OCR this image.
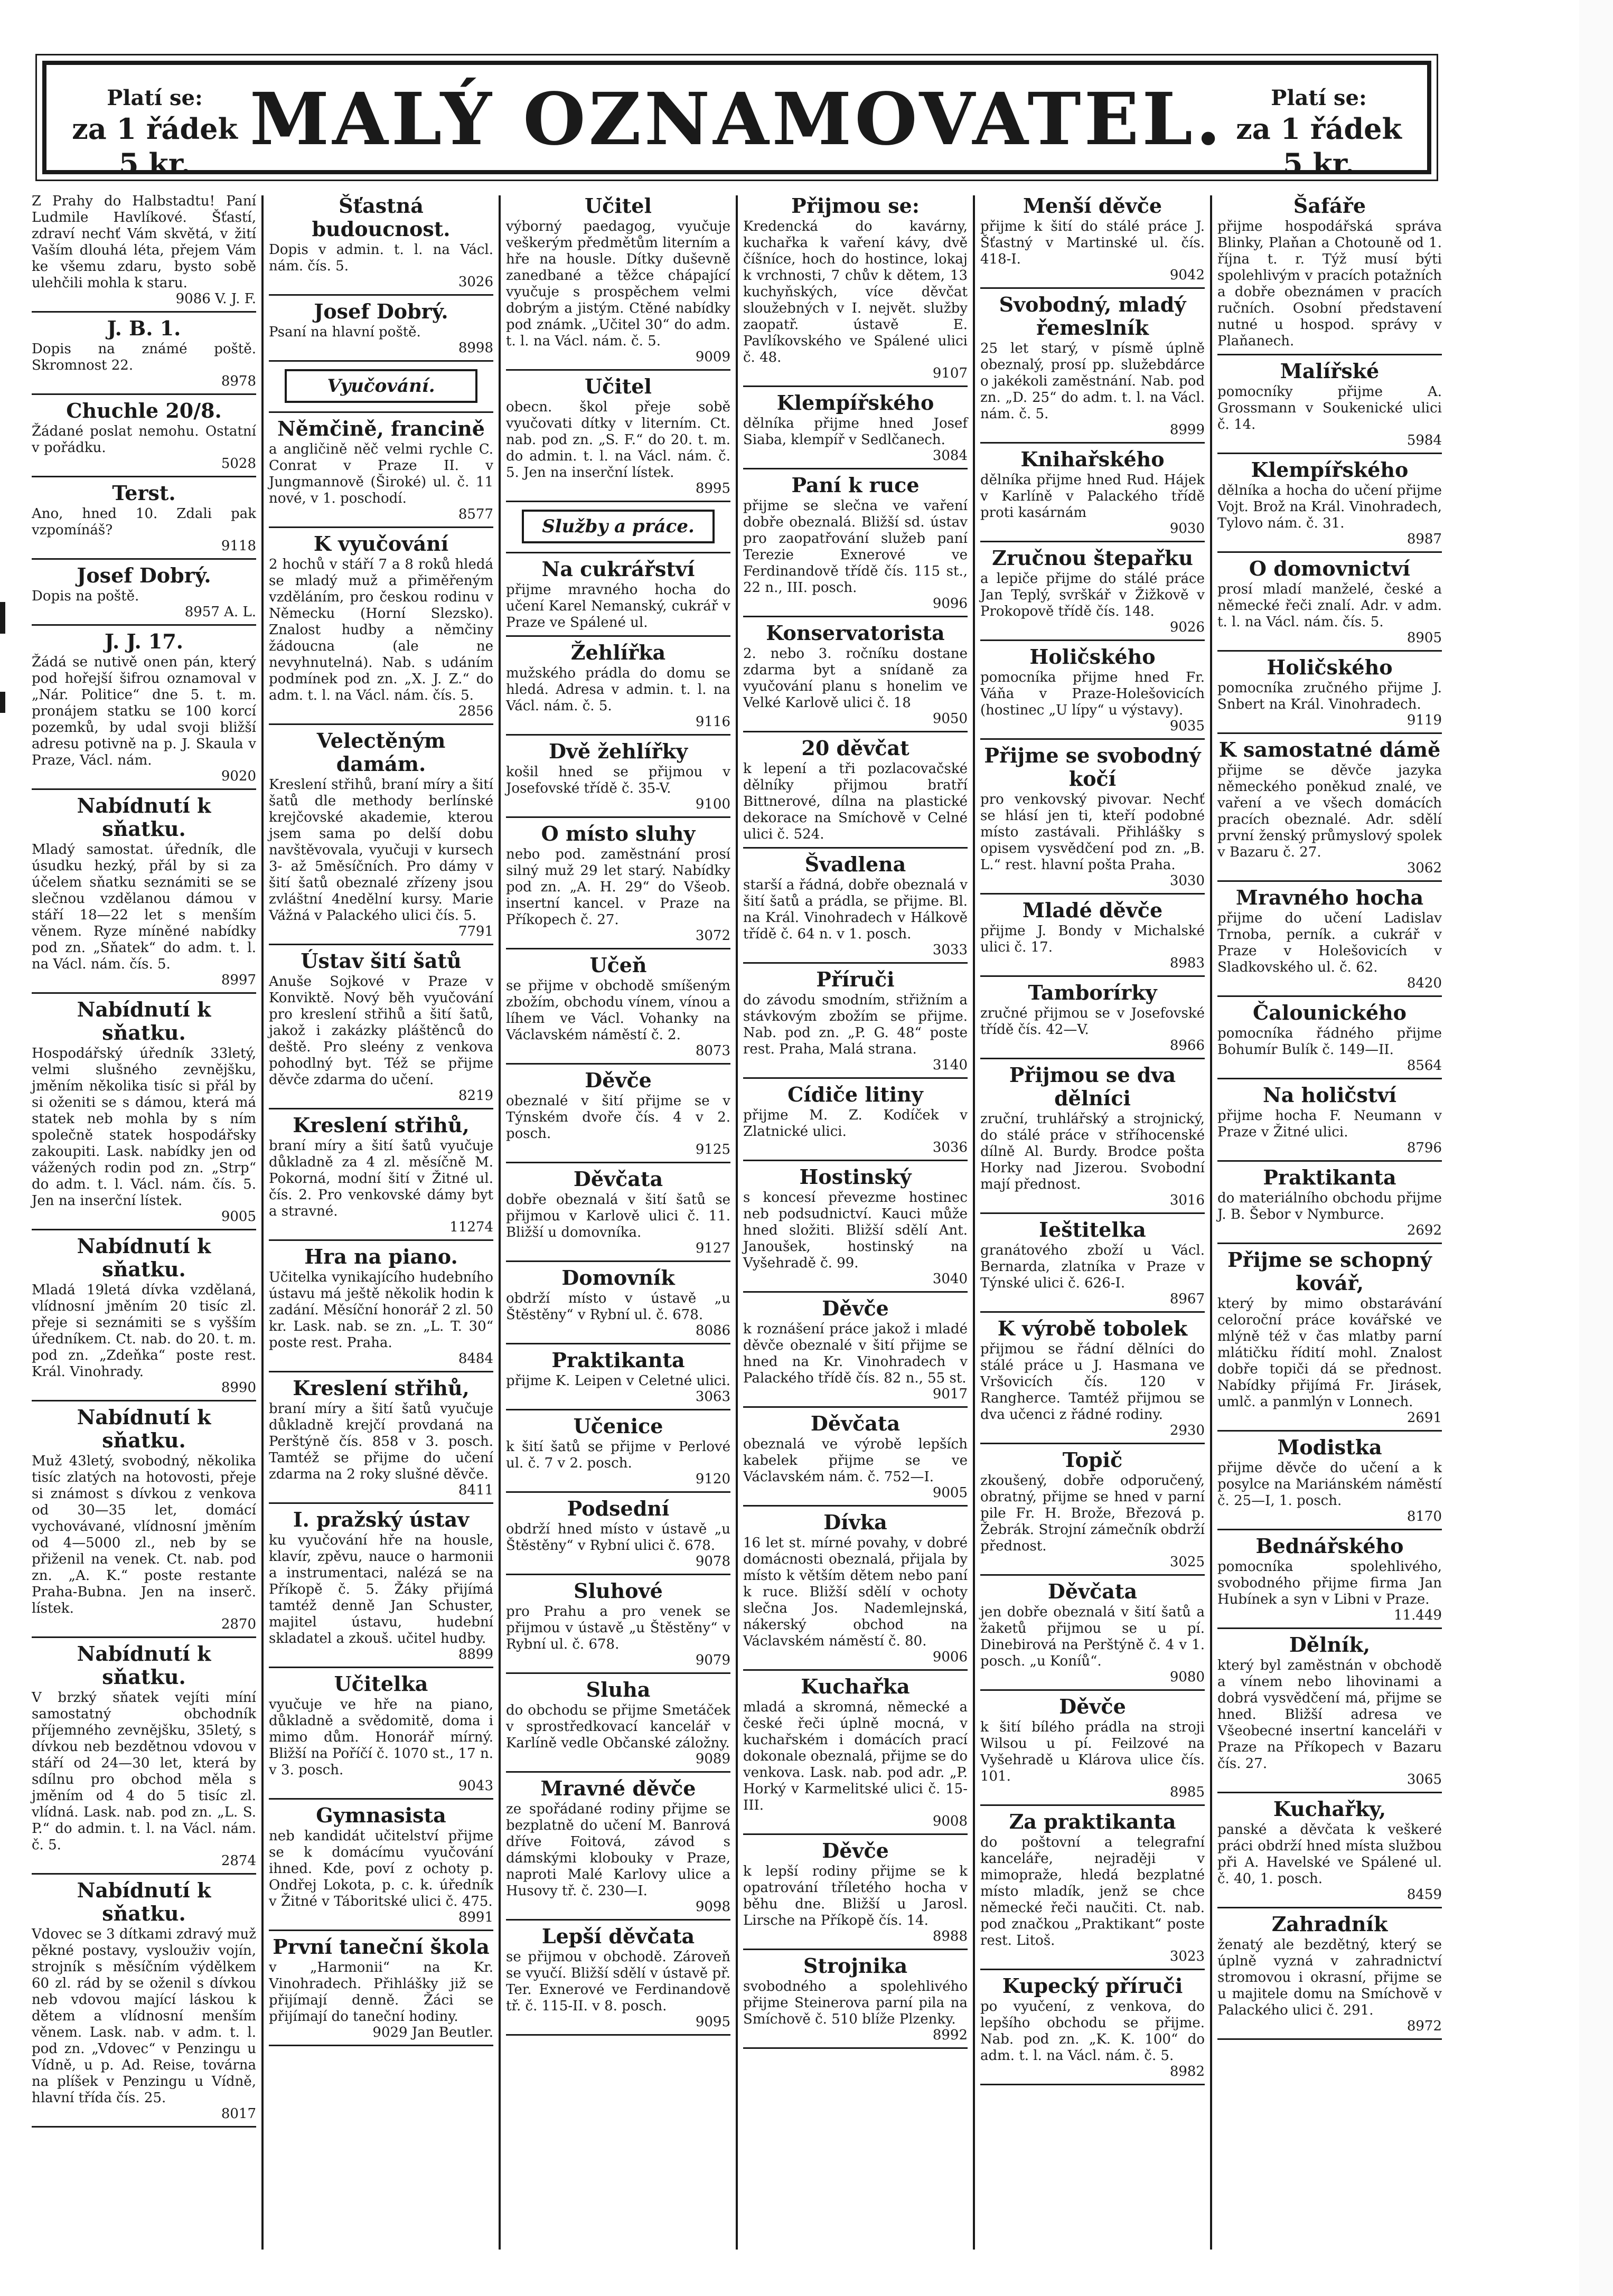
Platí se:
za 1 řádek 5 kr.
MALÝ OZNAMOVATEL.	Platí se:
za 1 řádek 5 kr.

Z Prahy do Halbstadtu! Paní Ludmile Havlíkové. Šťastí, zdraví nechť Vám skvětá, v žití Vaším dlouhá léta, přejem Vám ke všemu zdaru, bysto sobě ulehčili mohla k staru.

9086 V. J. F.

J. B. 1.

Dopis na známé poště. Skromnost 22.

8978

Chuchle 20/8.

Žádané poslat nemohu. Ostatní v pořádku.

5028

Terst.

Ano, hned 10. Zdali pak vzpomínáš?

9118

Josef Dobrý.

Dopis na poště.

8957 A. L.

J. J. 17.

Žádá se nutivě onen pán, který pod hořejší šifrou oznamoval v „Nár. Politice“ dne 5. t. m. pronájem statku se 100 korcí pozemků, by udal svoji bližší adresu potivně na p. J. Skaula v Praze, Václ. nám.

9020

Nabídnutí k sňatku.

Mladý samostat. úředník, dle úsudku hezký, přál by si za účelem sňatku seznámiti se se slečnou vzdělanou dámou v stáří 18—22 let s menším věnem. Ryze míněné nabídky pod zn. „Sňatek“ do adm. t. l. na Václ. nám. čís. 5.

8997

Nabídnutí k sňatku.

Hospodářský úředník 33letý, velmi slušného zevnějšku, jměním několika tisíc si přál by si oženiti se s dámou, která má statek neb mohla by s ním společně statek hospodářsky zakoupiti. Lask. nabídky jen od vážených rodin pod zn. „Strp“ do adm. t. l. Václ. nám. čís. 5. Jen na inserční lístek.

9005

Nabídnutí k sňatku.

Mladá 19letá dívka vzdělaná, vlídnosní jměním 20 tisíc zl. přeje si seznámiti se s vyšším úředníkem. Ct. nab. do 20. t. m. pod zn. „Zdeňka“ poste rest. Král. Vinohrady.

8990

Nabídnutí k sňatku.

Muž 43letý, svobodný, několika tisíc zlatých na hotovosti, přeje si známost s dívkou z venkova od 30—35 let, domácí vychovávané, vlídnosní jměním od 4—5000 zl., neb by se přiženil na venek. Ct. nab. pod zn. „A. K.“ poste restante Praha-Bubna. Jen na inserč. lístek.

2870

Nabídnutí k sňatku.

V brzký sňatek vejíti míní samostatný obchodník příjemného zevnějšku, 35letý, s dívkou neb bezdětnou vdovou v stáří od 24—30 let, která by sdílnu pro obchod měla s jměním od 4 do 5 tisíc zl. vlídná. Lask. nab. pod zn. „L. S. P.“ do admin. t. l. na Václ. nám. č. 5.

2874

Nabídnutí k sňatku.

Vdovec se 3 dítkami zdravý muž pěkné postavy, vyslouživ vojín, strojník s měsíčním výdělkem 60 zl. rád by se oženil s dívkou neb vdovou mající láskou k dětem a vlídnosní menším věnem. Lask. nab. v adm. t. l. pod zn. „Vdovec“ v Penzingu u Vídně, u p. Ad. Reise, továrna na plíšek v Penzingu u Vídně, hlavní třída čís. 25.

8017

Šťastná budoucnost.

Dopis v admin. t. l. na Václ. nám. čís. 5.

3026

Josef Dobrý.

Psaní na hlavní poště.

8998

Vyučování.
Němčině, francině

a angličině něč velmi rychle C. Conrat v Praze II. v Jungmannově (Široké) ul. č. 11 nové, v 1. poschodí.

8577

K vyučování

2 hochů v stáří 7 a 8 roků hledá se mladý muž a přiměřeným vzděláním, pro českou rodinu v Německu (Horní Slezsko). Znalost hudby a němčiny žádoucna (ale ne nevyhnutelná). Nab. s udáním podmínek pod zn. „X. J. Z.“ do adm. t. l. na Václ. nám. čís. 5.

2856

Velectěným damám.

Kreslení střihů, braní míry a šití šatů dle methody berlínské krejčovské akademie, kterou jsem sama po delší dobu navštěvovala, vyučuji v kursech 3- až 5měsíčních. Pro dámy v šití šatů obeznalé zřízeny jsou zvláštní 4nedělní kursy. Marie Vážná v Palackého ulici čís. 5.

7791

Ústav šití šatů

Anuše Sojkové v Praze v Konviktě. Nový běh vyučování pro kreslení střihů a šití šatů, jakož i zakázky pláštěnců do deště. Pro sleény z venkova pohodlný byt. Též se přijme děvče zdarma do učení.

8219

Kreslení střihů,

braní míry a šití šatů vyučuje důkladně za 4 zl. měsíčně M. Pokorná, modní šití v Žitné ul. čís. 2. Pro venkovské dámy byt a stravné.

11274

Hra na piano.

Učitelka vynikajícího hudebního ústavu má ještě několik hodin k zadání. Měsíční honorář 2 zl. 50 kr. Lask. nab. se zn. „L. T. 30“ poste rest. Praha.

8484

Kreslení střihů,

braní míry a šití šatů vyučuje důkladně krejčí provdaná na Perštýně čís. 858 v 3. posch. Tamtéž se přijme do učení zdarma na 2 roky slušné děvče.

8411

I. pražský ústav

ku vyučování hře na housle, klavír, zpěvu, nauce o harmonii a instrumentaci, nalézá se na Příkopě č. 5. Žáky přijímá tamtéž denně Jan Schuster, majitel ústavu, hudební skladatel a zkouš. učitel hudby.

8899

Učitelka

vyučuje ve hře na piano, důkladně a svědomitě, doma i mimo dům. Honorář mírný. Bližší na Poříčí č. 1070 st., 17 n. v 3. posch.

9043

Gymnasista

neb kandidát učitelství přijme se k domácímu vyučování ihned. Kde, poví z ochoty p. Ondřej Lokota, p. c. k. úředník v Žitné v Táboritské ulici č. 475.

8991

První taneční škola

v „Harmonii“ na Kr. Vinohradech. Přihlášky již se přijímají denně. Žáci se přijímají do taneční hodiny.

9029 Jan Beutler.

Učitel

výborný paedagog, vyučuje veškerým předmětům literním a hře na housle. Dítky duševně zanedbané a těžce chápající vyučuje s prospěchem velmi dobrým a jistým. Ctěné nabídky pod známk. „Učitel 30“ do adm. t. l. na Václ. nám. č. 5.

9009

Učitel

obecn. škol přeje sobě vyučovati dítky v literním. Ct. nab. pod zn. „S. F.“ do 20. t. m. do admin. t. l. na Václ. nám. č. 5. Jen na inserční lístek.

8995

Služby a práce.
Na cukrářství

přijme mravného hocha do učení Karel Nemanský, cukrář v Praze ve Spálené ul.

Žehlířka

mužského prádla do domu se hledá. Adresa v admin. t. l. na Václ. nám. č. 5.

9116

Dvě žehlířky

košil hned se přijmou v Josefovské třídě č. 35-V.

9100

O místo sluhy

nebo pod. zaměstnání prosí silný muž 29 let starý. Nabídky pod zn. „A. H. 29“ do Všeob. insertní kancel. v Praze na Příkopech č. 27.

3072

Učeň

se přijme v obchodě smíšeným zbožím, obchodu vínem, vínou a líhem ve Václ. Vohanky na Václavském náměstí č. 2.

8073

Děvče

obeznalé v šití přijme se v Týnském dvoře čís. 4 v 2. posch.

9125

Děvčata

dobře obeznalá v šití šatů se přijmou v Karlově ulici č. 11. Bližší u domovníka.

9127

Domovník

obdrží místo v ústavě „u Štěstěny“ v Rybní ul. č. 678.

8086

Praktikanta

přijme K. Leipen v Celetné ulici.

3063

Učenice

k šití šatů se přijme v Perlové ul. č. 7 v 2. posch.

9120

Podsední

obdrží hned místo v ústavě „u Štěstěny“ v Rybní ulici č. 678.

9078

Sluhové

pro Prahu a pro venek se přijmou v ústavě „u Štěstěny“ v Rybní ul. č. 678.

9079

Sluha

do obchodu se přijme Smetáček v sprostředkovací kancelář v Karlíně vedle Občanské záložny.

9089

Mravné děvče

ze spořádané rodiny přijme se bezplatně do učení M. Banrová dříve Foitová, závod s dámskými klobouky v Praze, naproti Malé Karlovy ulice a Husovy tř. č. 230—I.

9098

Lepší děvčata

se přijmou v obchodě. Zároveň se vyučí. Bližší sdělí v ústavě př. Ter. Exnerové ve Ferdinandově tř. č. 115-II. v 8. posch.

9095

Přijmou se:

Kredencká do kavárny, kuchařka k vaření kávy, dvě číšníce, hoch do hostince, lokaj k vrchnosti, 7 chův k dětem, 13 kuchyňských, více děvčat sloužebných v I. největ. služby zaopatř. ústavě E. Pavlíkovského ve Spálené ulici č. 48.

9107

Klempířského

dělníka přijme hned Josef Siaba, klempíř v Sedlčanech.

3084

Paní k ruce

přijme se slečna ve vaření dobře obeznalá. Bližší sd. ústav pro zaopatřování služeb paní Terezie Exnerové ve Ferdinandově třídě čís. 115 st., 22 n., III. posch.

9096

Konservatorista

2. nebo 3. ročníku dostane zdarma byt a snídaně za vyučování planu s honelim ve Velké Karlově ulici č. 18

9050

20 děvčat

k lepení a tři pozlacovačské dělníky přijmou bratří Bittnerové, dílna na plastické dekorace na Smíchově v Celné ulici č. 524.

Švadlena

starší a řádná, dobře obeznalá v šití šatů a prádla, se přijme. Bl. na Král. Vinohradech v Hálkově třídě č. 64 n. v 1. posch.

3033

Příruči

do závodu smodním, střižním a stávkovým zbožím se přijme. Nab. pod zn. „P. G. 48“ poste rest. Praha, Malá strana.

3140

Cídiče litiny

přijme M. Z. Kodíček v Zlatnické ulici.

3036

Hostinský

s koncesí převezme hostinec neb podsudnictví. Kauci může hned složiti. Bližší sdělí Ant. Janoušek, hostinský na Vyšehradě č. 99.

3040

Děvče

k roznášení práce jakož i mladé děvče obeznalé v šití přijme se hned na Kr. Vinohradech v Palackého třídě čís. 82 n., 55 st.

9017

Děvčata

obeznalá ve výrobě lepších kabelek přijme se ve Václavském nám. č. 752—I.

9005

Dívka

16 let st. mírné povahy, v dobré domácnosti obeznalá, přijala by místo k větším dětem nebo paní k ruce. Bližší sdělí v ochoty slečna Jos. Nademlejnská, nákerský obchod na Václavském náměstí č. 80.

9006

Kuchařka

mladá a skromná, německé a české řeči úplně mocná, v kuchařském i domácích prací dokonale obeznalá, přijme se do venkova. Lask. nab. pod adr. „P. Horký v Karmelitské ulici č. 15-III.

9008

Děvče

k lepší rodiny přijme se k opatrování tříletého hocha v běhu dne. Bližší u Jarosl. Lirsche na Příkopě čís. 14.

8988

Strojnika

svobodného a spolehlivého přijme Steinerova parní pila na Smíchově č. 510 blíže Plzenky.

8992

Menší děvče

přijme k šití do stálé práce J. Šťastný v Martinské ul. čís. 418-I.

9042

Svobodný, mladý řemeslník

25 let starý, v písmě úplně obeznalý, prosí pp. služebdárce o jakékoli zaměstnání. Nab. pod zn. „D. 25“ do adm. t. l. na Václ. nám. č. 5.

8999

Knihařského

dělníka přijme hned Rud. Hájek v Karlíně v Palackého třídě proti kasárnám

9030

Zručnou štepařku

a lepiče přijme do stálé práce Jan Teplý, svrškář v Žižkově v Prokopově třídě čís. 148.

9026

Holičského

pomocníka přijme hned Fr. Váňa v Praze-Holešovicích (hostinec „U lípy“ u výstavy).

9035

Přijme se svobodný kočí

pro venkovský pivovar. Nechť se hlásí jen ti, kteří podobné místo zastávali. Přihlášky s opisem vysvědčení pod zn. „B. L.“ rest. hlavní pošta Praha.

3030

Mladé děvče

přijme J. Bondy v Michalské ulici č. 17.

8983

Tamborírky

zručné přijmou se v Josefovské třídě čís. 42—V.

8966

Přijmou se dva dělníci

zruční, truhlářský a strojnický, do stálé práce v stříhocenské dílně Al. Burdy. Brodce pošta Horky nad Jizerou. Svobodní mají přednost.

3016

Ieštitelka

granátového zboží u Václ. Bernarda, zlatníka v Praze v Týnské ulici č. 626-I.

8967

K výrobě tobolek

přijmou se řádní dělníci do stálé práce u J. Hasmana ve Vršovicích čís. 120 v Rangherce. Tamtéž přijmou se dva učenci z řádné rodiny.

2930

Topič

zkoušený, dobře odporučený, obratný, přijme se hned v parní pile Fr. H. Brože, Březová p. Žebrák. Strojní zámečník obdrží přednost.

3025

Děvčata

jen dobře obeznalá v šití šatů a žaketů přijmou se u pí. Dinebirová na Perštýně č. 4 v 1. posch. „u Koníů“.

9080

Děvče

k šití bílého prádla na stroji Wilsou u pí. Feilzové na Vyšehradě u Klárova ulice čís. 101.

8985

Za praktikanta

do poštovní a telegrafní kanceláře, nejraději v mimopraže, hledá bezplatné místo mladík, jenž se chce německé řeči naučiti. Ct. nab. pod značkou „Praktikant“ poste rest. Litoš.

3023

Kupecký příruči

po vyučení, z venkova, do lepšího obchodu se přijme. Nab. pod zn. „K. K. 100“ do adm. t. l. na Václ. nám. č. 5.

8982

Šafáře

přijme hospodářská správa Blinky, Plaňan a Chotouně od 1. října t. r. Týž musí býti spolehlivým v pracích potažních a dobře obeznámen v pracích ručních. Osobní představení nutné u hospod. správy v Plaňanech.

Malířské

pomocníky přijme A. Grossmann v Soukenické ulici č. 14.

5984

Klempířského

dělníka a hocha do učení přijme Vojt. Brož na Král. Vinohradech, Tylovo nám. č. 31.

8987

O domovnictví

prosí mladí manželé, české a německé řeči znalí. Adr. v adm. t. l. na Václ. nám. čís. 5.

8905

Holičského

pomocníka zručného přijme J. Snbert na Král. Vinohradech.

9119

K samostatné dámě

přijme se děvče jazyka německého poněkud znalé, ve vaření a ve všech domácích pracích obeznalé. Adr. sdělí první ženský průmyslový spolek v Bazaru č. 27.

3062

Mravného hocha

přijme do učení Ladislav Trnoba, perník. a cukrář v Praze v Holešovicích v Sladkovského ul. č. 62.

8420

Čalounického

pomocníka řádného přijme Bohumír Bulík č. 149—II.

8564

Na holičství

přijme hocha F. Neumann v Praze v Žitné ulici.

8796

Praktikanta

do materiálního obchodu přijme J. B. Šebor v Nymburce.

2692

Přijme se schopný kovář,

který by mimo obstarávání celoroční práce kovářské ve mlýně též v čas mlatby parní mlátičku řídití mohl. Znalost dobře topiči dá se přednost. Nabídky přijímá Fr. Jirásek, umlč. a panmlýn v Lonnech.

2691

Modistka

přijme děvče do učení a k posylce na Mariánském náměstí č. 25—I, 1. posch.

8170

Bednářského

pomocníka spolehlivého, svobodného přijme firma Jan Hubínek a syn v Libni v Praze.

11.449

Dělník,

který byl zaměstnán v obchodě a vínem nebo lihovinami a dobrá vysvědčení má, přijme se hned. Bližší adresa ve Všeobecné insertní kanceláři v Praze na Příkopech v Bazaru čís. 27.

3065

Kuchařky,

panské a děvčata k veškeré práci obdrží hned místa službou při A. Havelské ve Spálené ul. č. 40, 1. posch.

8459

Zahradník

ženatý ale bezdětný, který se úplně vyzná v zahradnictví stromovou i okrasní, přijme se u majitele domu na Smíchově v Palackého ulici č. 291.

8972
